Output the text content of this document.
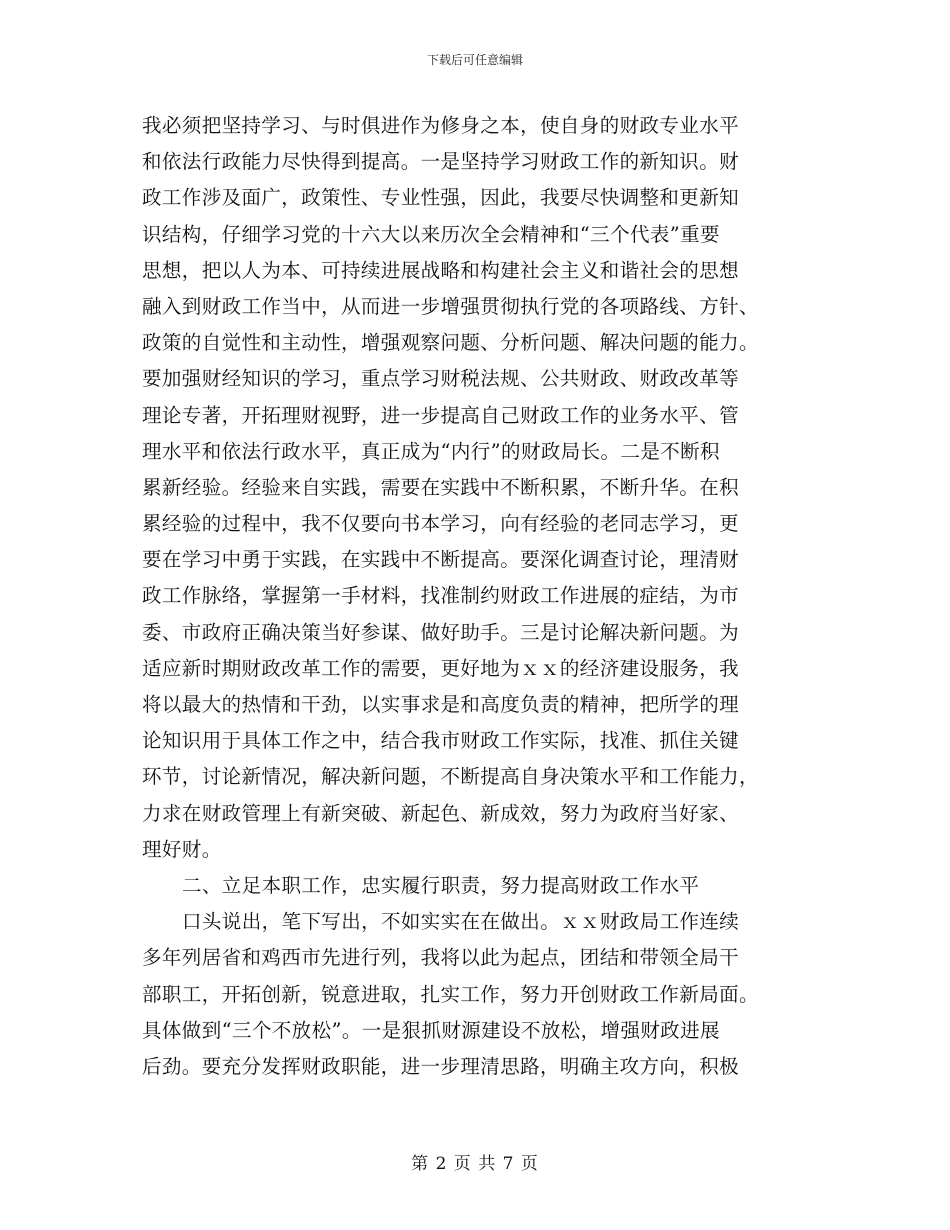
下载后可任意编辑
我必须把坚持学习、与时俱进作为修身之本，使自身的财政专业水平
和依法行政能力尽快得到提高。一是坚持学习财政工作的新知识。财
政工作涉及面广，政策性、专业性强，因此，我要尽快调整和更新知
识结构，仔细学习党的十六大以来历次全会精神和“三个代表”重要
思想，把以人为本、可持续进展战略和构建社会主义和谐社会的思想
融入到财政工作当中，从而进一步增强贯彻执行党的各项路线、方针、
政策的自觉性和主动性，增强观察问题、分析问题、解决问题的能力。
要加强财经知识的学习，重点学习财税法规、公共财政、财政改革等
理论专著，开拓理财视野，进一步提高自己财政工作的业务水平、管
理水平和依法行政水平，真正成为“内行”的财政局长。二是不断积
累新经验。经验来自实践，需要在实践中不断积累，不断升华。在积
累经验的过程中，我不仅要向书本学习，向有经验的老同志学习，更
要在学习中勇于实践，在实践中不断提高。要深化调查讨论，理清财
政工作脉络，掌握第一手材料，找准制约财政工作进展的症结，为市
委、市政府正确决策当好参谋、做好助手。三是讨论解决新问题。为
适应新时期财政改革工作的需要，更好地为ｘｘ的经济建设服务，我
将以最大的热情和干劲，以实事求是和高度负责的精神，把所学的理
论知识用于具体工作之中，结合我市财政工作实际，找准、抓住关键
环节，讨论新情况，解决新问题，不断提高自身决策水平和工作能力，
力求在财政管理上有新突破、新起色、新成效，努力为政府当好家、
理好财。
二、立足本职工作，忠实履行职责，努力提高财政工作水平
口头说出，笔下写出，不如实实在在做出。ｘｘ财政局工作连续
多年列居省和鸡西市先进行列，我将以此为起点，团结和带领全局干
部职工，开拓创新，锐意进取，扎实工作，努力开创财政工作新局面。
具体做到“三个不放松”。一是狠抓财源建设不放松，增强财政进展
后劲。要充分发挥财政职能，进一步理清思路，明确主攻方向，积极
第 2 页 共 7 页
